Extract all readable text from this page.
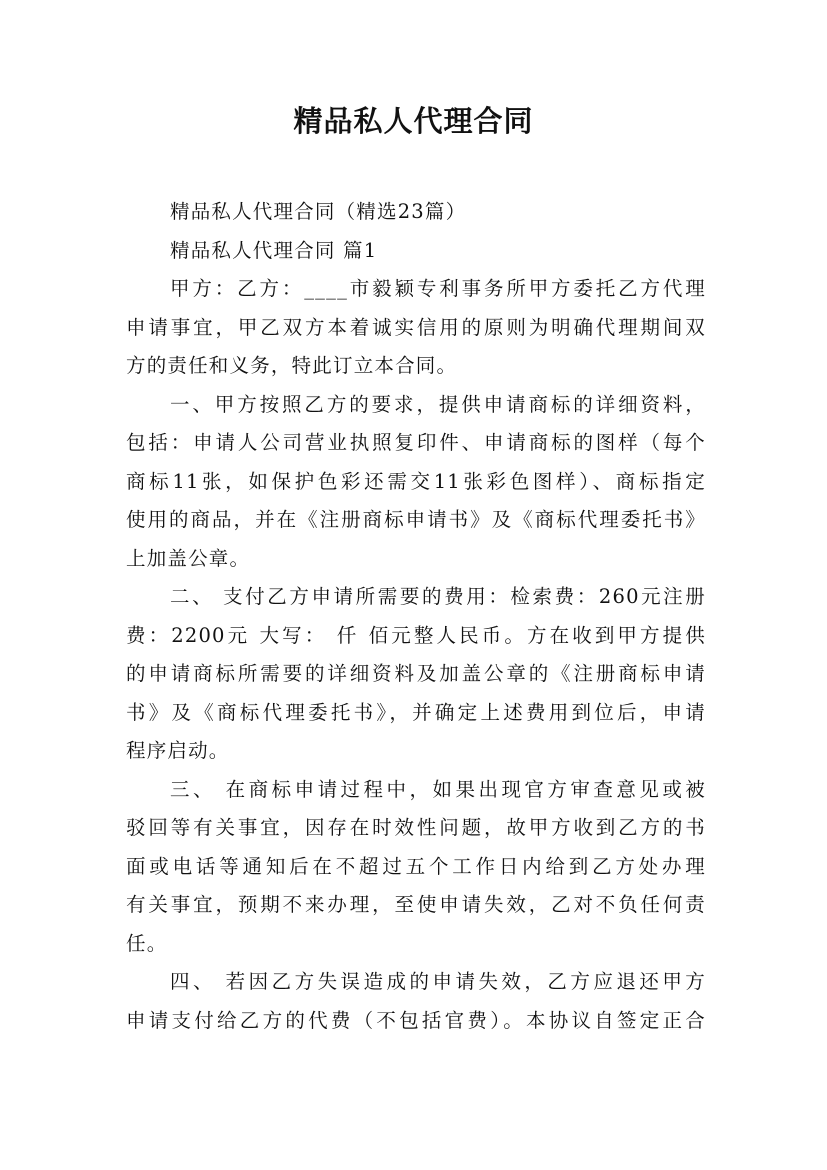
精品私人代理合同
精品私人代理合同（精选23篇）
精品私人代理合同 篇1
甲方：乙方：____市毅颖专利事务所甲方委托乙方代理
申请事宜，甲乙双方本着诚实信用的原则为明确代理期间双
方的责任和义务，特此订立本合同。
一、甲方按照乙方的要求，提供申请商标的详细资料，
包括：申请人公司营业执照复印件、申请商标的图样（每个
商标11张，如保护色彩还需交11张彩色图样）、商标指定
使用的商品，并在《注册商标申请书》及《商标代理委托书》
上加盖公章。
二、 支付乙方申请所需要的费用：检索费：260元注册
费：2200元 大写： 仟 佰元整人民币。方在收到甲方提供
的申请商标所需要的详细资料及加盖公章的《注册商标申请
书》及《商标代理委托书》，并确定上述费用到位后，申请
程序启动。
三、 在商标申请过程中，如果出现官方审查意见或被
驳回等有关事宜，因存在时效性问题，故甲方收到乙方的书
面或电话等通知后在不超过五个工作日内给到乙方处办理
有关事宜，预期不来办理，至使申请失效，乙对不负任何责
任。
四、 若因乙方失误造成的申请失效，乙方应退还甲方
申请支付给乙方的代费（不包括官费）。本协议自签定正合
